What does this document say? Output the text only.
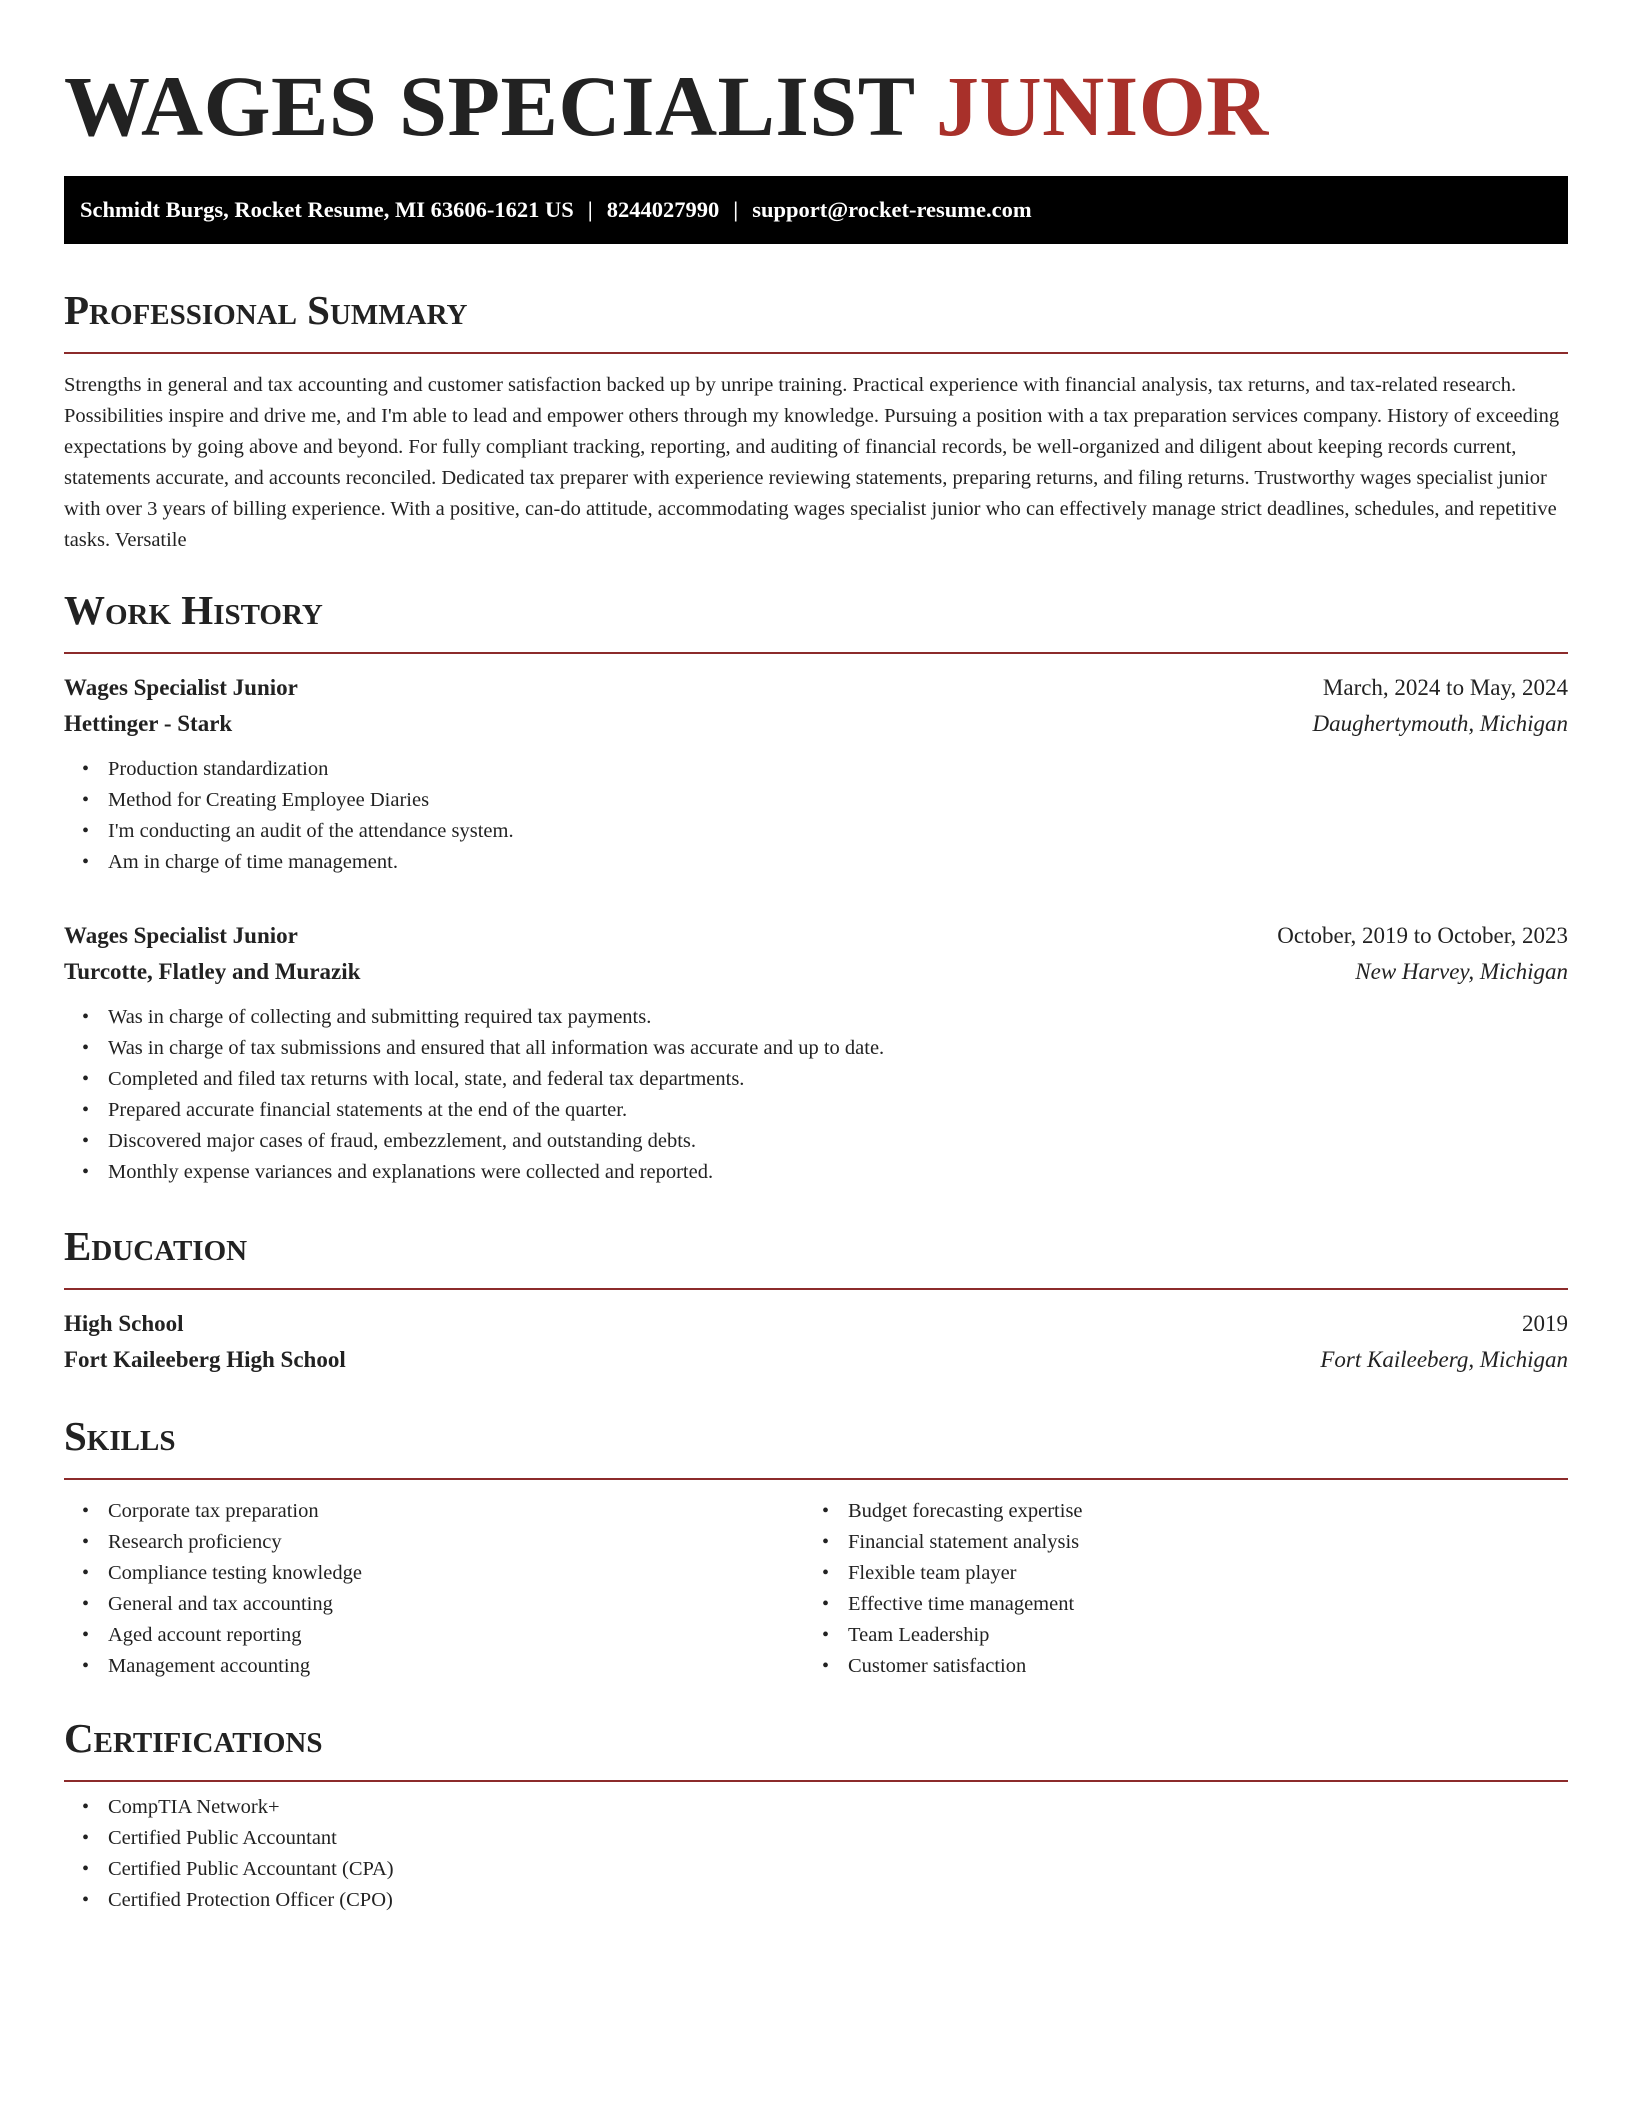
WAGES SPECIALIST JUNIOR
Schmidt Burgs, Rocket Resume, MI 63606-1621 US | 8244027990 | support@rocket-resume.com
Professional Summary
Strengths in general and tax accounting and customer satisfaction backed up by unripe training. Practical experience with financial analysis, tax returns, and tax-related research. Possibilities inspire and drive me, and I'm able to lead and empower others through my knowledge. Pursuing a position with a tax preparation services company. History of exceeding expectations by going above and beyond. For fully compliant tracking, reporting, and auditing of financial records, be well-organized and diligent about keeping records current, statements accurate, and accounts reconciled. Dedicated tax preparer with experience reviewing statements, preparing returns, and filing returns. Trustworthy wages specialist junior with over 3 years of billing experience. With a positive, can-do attitude, accommodating wages specialist junior who can effectively manage strict deadlines, schedules, and repetitive tasks. Versatile
Work History
Wages Specialist Junior	March, 2024 to May, 2024
Hettinger - Stark	Daughertymouth, Michigan
• Production standardization
• Method for Creating Employee Diaries
• I'm conducting an audit of the attendance system.
• Am in charge of time management.
Wages Specialist Junior	October, 2019 to October, 2023
Turcotte, Flatley and Murazik	New Harvey, Michigan
• Was in charge of collecting and submitting required tax payments.
• Was in charge of tax submissions and ensured that all information was accurate and up to date.
• Completed and filed tax returns with local, state, and federal tax departments.
• Prepared accurate financial statements at the end of the quarter.
• Discovered major cases of fraud, embezzlement, and outstanding debts.
• Monthly expense variances and explanations were collected and reported.
Education
High School	2019
Fort Kaileeberg High School	Fort Kaileeberg, Michigan
Skills
• Corporate tax preparation
• Research proficiency
• Compliance testing knowledge
• General and tax accounting
• Aged account reporting
• Management accounting
• Budget forecasting expertise
• Financial statement analysis
• Flexible team player
• Effective time management
• Team Leadership
• Customer satisfaction
Certifications
• CompTIA Network+
• Certified Public Accountant
• Certified Public Accountant (CPA)
• Certified Protection Officer (CPO)
